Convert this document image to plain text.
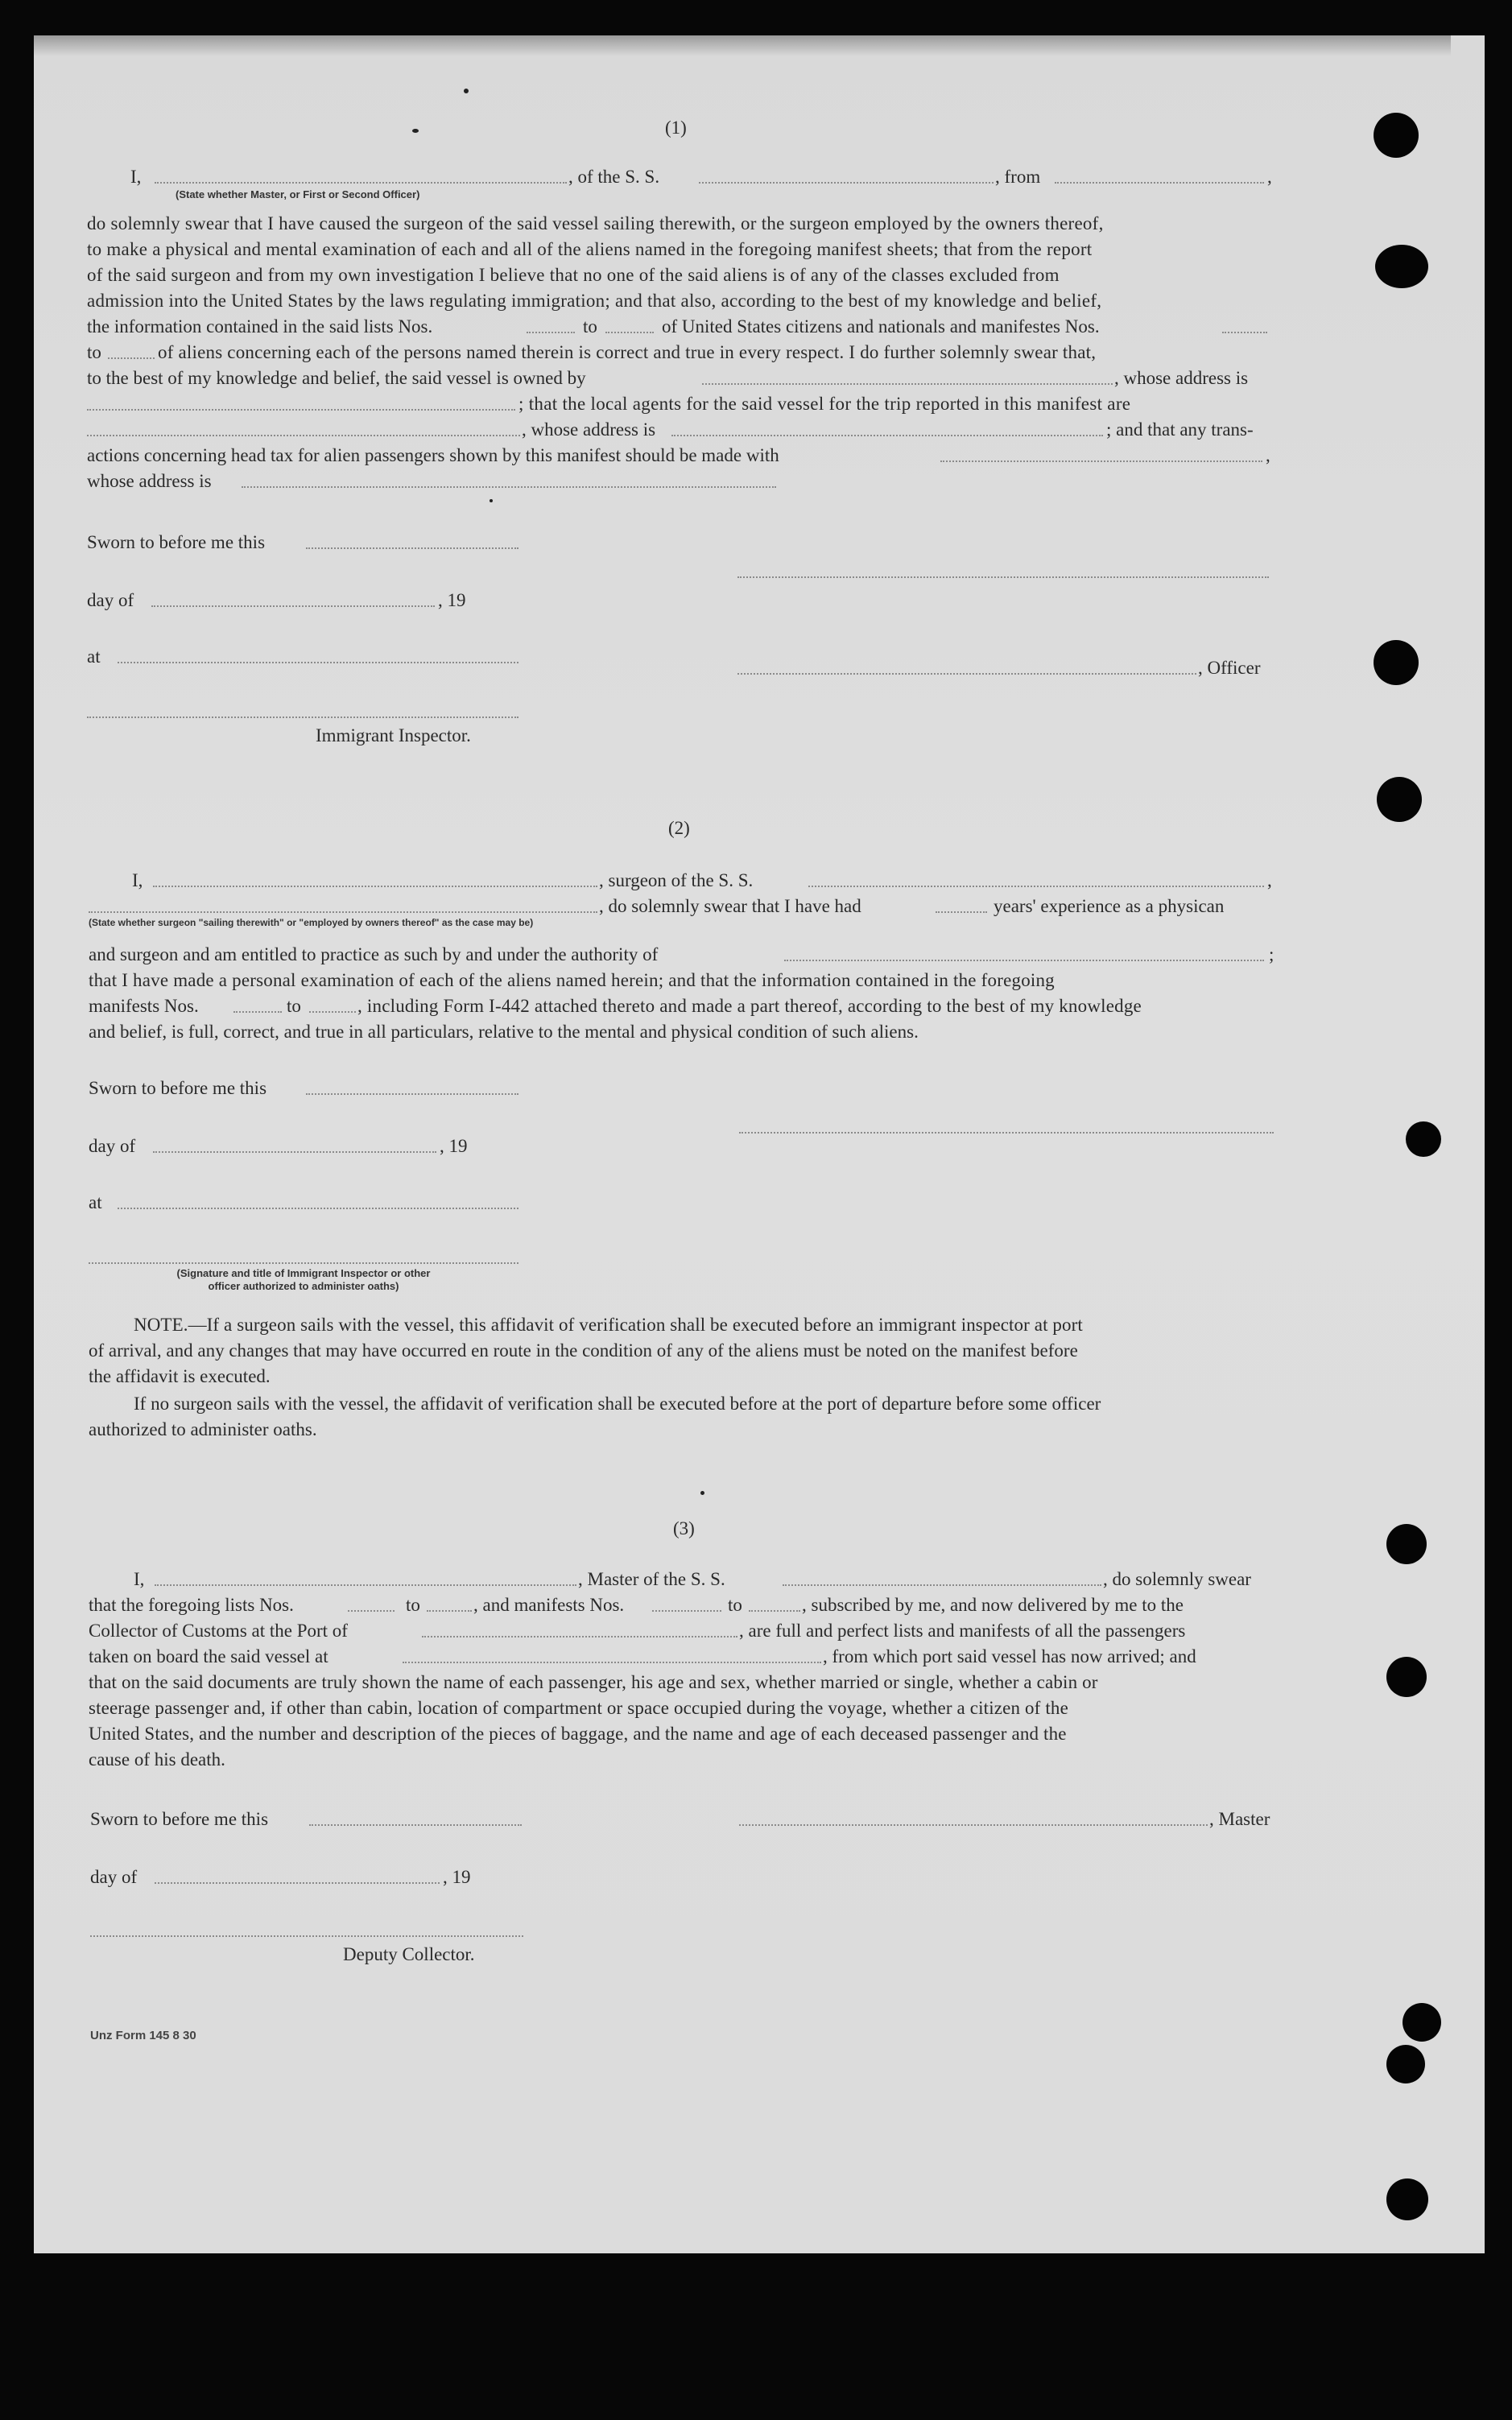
(1)
I,	, of the S. S.	, from	,
(State whether Master, or First or Second Officer)
do solemnly swear that I have caused the surgeon of the said vessel sailing therewith, or the surgeon employed by the owners thereof,
to make a physical and mental examination of each and all of the aliens named in the foregoing manifest sheets; that from the report
of the said surgeon and from my own investigation I believe that no one of the said aliens is of any of the classes excluded from
admission into the United States by the laws regulating immigration; and that also, according to the best of my knowledge and belief,
the information contained in the said lists Nos.	to	of United States citizens and nationals and manifestes Nos.
to	of aliens concerning each of the persons named therein is correct and true in every respect. I do further solemnly swear that,
to the best of my knowledge and belief, the said vessel is owned by	, whose address is
; that the local agents for the said vessel for the trip reported in this manifest are
, whose address is	; and that any trans-
actions concerning head tax for alien passengers shown by this manifest should be made with	,
whose address is
Sworn to before me this
day of	, 19
at
, Officer
Immigrant Inspector.
(2)
I,	, surgeon of the S. S.	,
, do solemnly swear that I have had	years' experience as a physican
(State whether surgeon "sailing therewith" or "employed by owners thereof" as the case may be)
and surgeon and am entitled to practice as such by and under the authority of	;
that I have made a personal examination of each of the aliens named herein; and that the information contained in the foregoing
manifests Nos.	to	, including Form I-442 attached thereto and made a part thereof, according to the best of my knowledge
and belief, is full, correct, and true in all particulars, relative to the mental and physical condition of such aliens.
Sworn to before me this
day of	, 19
at
(Signature and title of Immigrant Inspector or other
officer authorized to administer oaths)
NOTE.—If a surgeon sails with the vessel, this affidavit of verification shall be executed before an immigrant inspector at port
of arrival, and any changes that may have occurred en route in the condition of any of the aliens must be noted on the manifest before
the affidavit is executed.
If no surgeon sails with the vessel, the affidavit of verification shall be executed before at the port of departure before some officer
authorized to administer oaths.
(3)
I,	, Master of the S. S.	, do solemnly swear
that the foregoing lists Nos.	to	, and manifests Nos.	to	, subscribed by me, and now delivered by me to the
Collector of Customs at the Port of	, are full and perfect lists and manifests of all the passengers
taken on board the said vessel at	, from which port said vessel has now arrived; and
that on the said documents are truly shown the name of each passenger, his age and sex, whether married or single, whether a cabin or
steerage passenger and, if other than cabin, location of compartment or space occupied during the voyage, whether a citizen of the
United States, and the number and description of the pieces of baggage, and the name and age of each deceased passenger and the
cause of his death.
Sworn to before me this	, Master
day of	, 19
Deputy Collector.
Unz Form 145 8 30
